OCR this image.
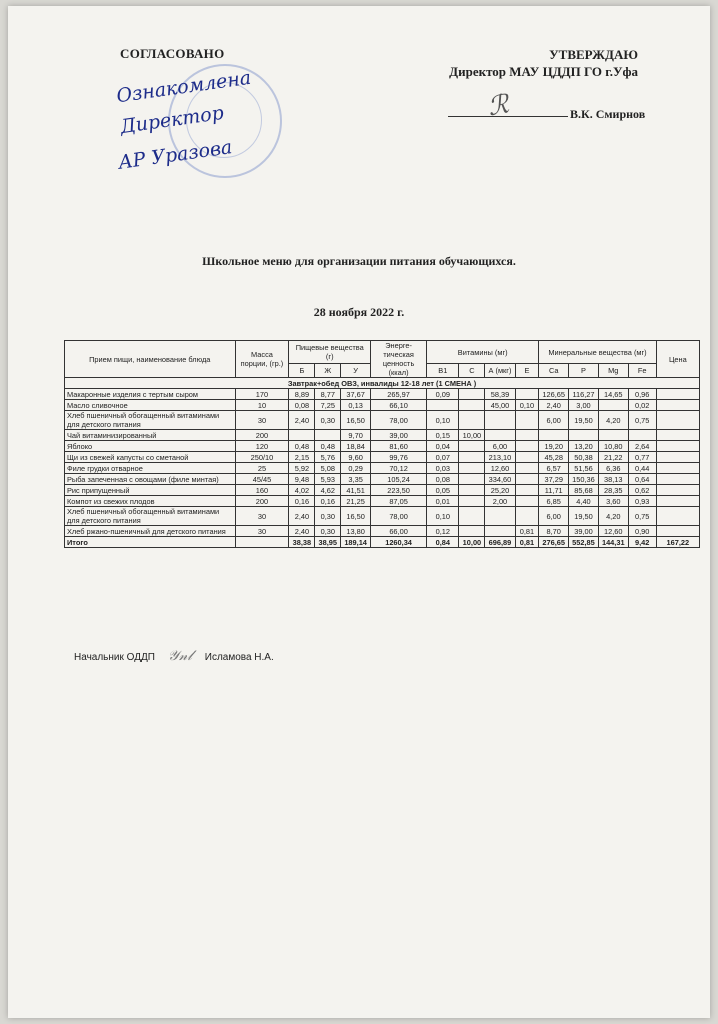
СОГЛАСОВАНО	УТВЕРЖДАЮ
Директор МАУ ЦДДП ГО г.Уфа
Ознакомлена
Директор
АР Уразова
ℛ	В.К. Смирнов
Школьное меню для организации питания обучающихся.
28 ноября 2022 г.
Прием пищи, наименование блюда	Масса порции, (гр.)	Пищевые вещества (г)			Энерге-тическая ценность (ккал)	Витамины (мг)				Минеральные вещества (мг)				Цена
		Б	Ж	У		В1	С	А (мкг)	Е	Са	Р	Mg	Fe	
Завтрак+обед ОВЗ, инвалиды 12-18 лет (1 СМЕНА )														
Макаронные изделия с тертым сыром	170	8,89	8,77	37,67	265,97	0,09		58,39		126,65	116,27	14,65	0,96	
Масло сливочное	10	0,08	7,25	0,13	66,10			45,00	0,10	2,40	3,00		0,02	
Хлеб пшеничный обогащенный витаминами для детского питания	30	2,40	0,30	16,50	78,00	0,10				6,00	19,50	4,20	0,75	
Чай витаминизированный	200			9,70	39,00	0,15	10,00							
Яблоко	120	0,48	0,48	18,84	81,60	0,04		6,00		19,20	13,20	10,80	2,64	
Щи из свежей капусты со сметаной	250/10	2,15	5,76	9,60	99,76	0,07		213,10		45,28	50,38	21,22	0,77	
Филе грудки отварное	25	5,92	5,08	0,29	70,12	0,03		12,60		6,57	51,56	6,36	0,44	
Рыба запеченная с овощами (филе минтая)	45/45	9,48	5,93	3,35	105,24	0,08		334,60		37,29	150,36	38,13	0,64	
Рис припущенный	160	4,02	4,62	41,51	223,50	0,05		25,20		11,71	85,68	28,35	0,62	
Компот из свежих плодов	200	0,16	0,16	21,25	87,05	0,01		2,00		6,85	4,40	3,60	0,93	
Хлеб пшеничный обогащенный витаминами для детского питания	30	2,40	0,30	16,50	78,00	0,10				6,00	19,50	4,20	0,75	
Хлеб ржано-пшеничный для детского питания	30	2,40	0,30	13,80	66,00	0,12			0,81	8,70	39,00	12,60	0,90	
Итого		38,38	38,95	189,14	1260,34	0,84	10,00	696,89	0,81	276,65	552,85	144,31	9,42	167,22
Начальник ОДДП 𝒴𝓃𝓁 Исламова Н.А.
